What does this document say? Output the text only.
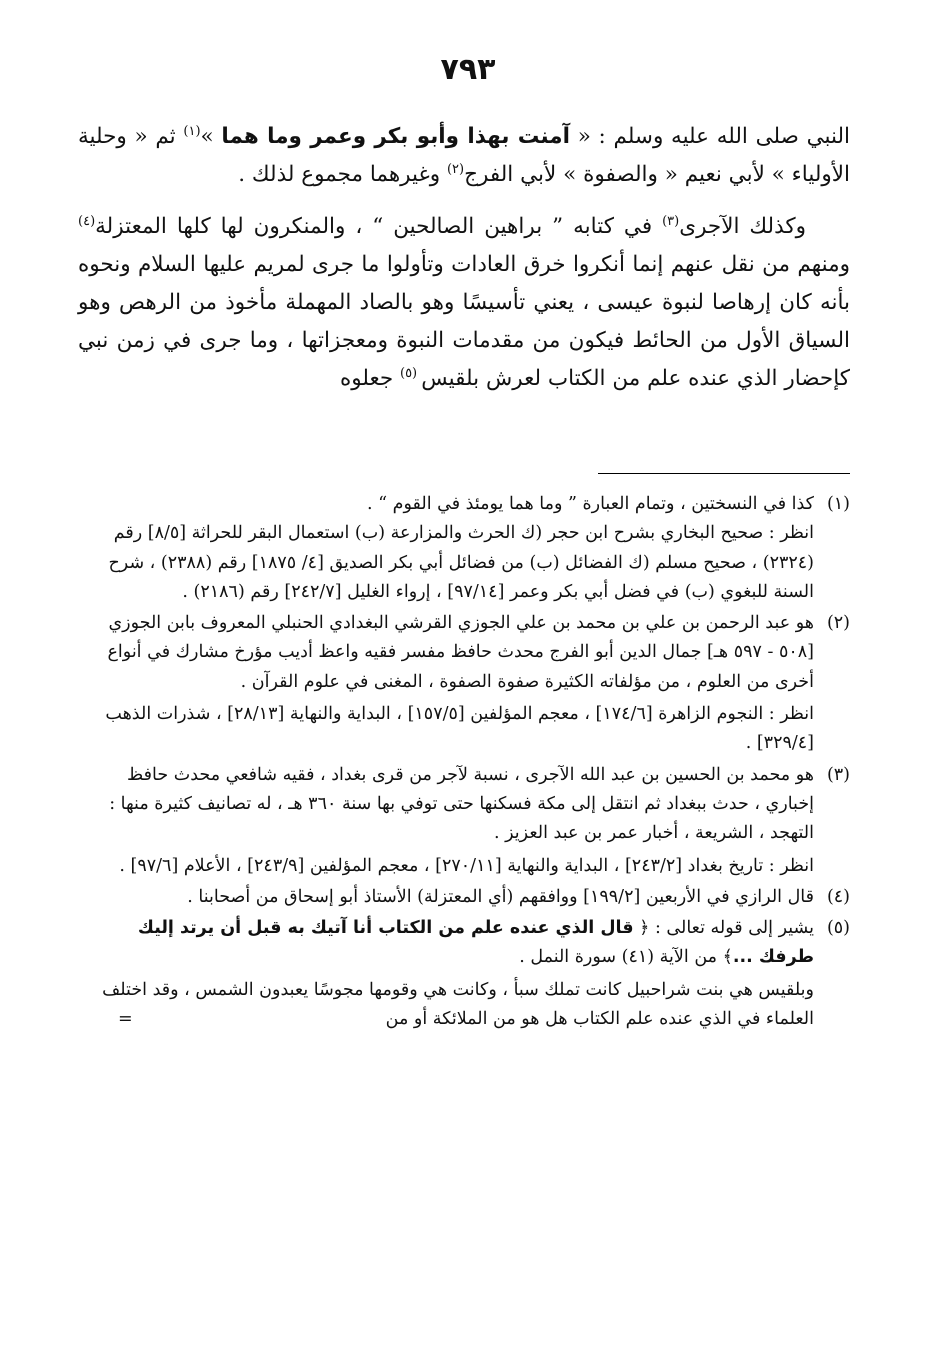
٧٩٣

النبي صلى الله عليه وسلم : « آمنت بهذا وأبو بكر وعمر وما هما »$^{(١)}$ ثم « وحلية الأولياء » لأبي نعيم « والصفوة » لأبي الفرج$^{(٢)}$ وغيرهما مجموع لذلك .

وكذلك الآجرى$^{(٣)}$ في كتابه ” براهين الصالحين “ ، والمنكرون لها كلها المعتزلة$^{(٤)}$ ومنهم من نقل عنهم إنما أنكروا خرق العادات وتأولوا ما جرى لمريم عليها السلام ونحوه بأنه كان إرهاصا لنبوة عيسى ، يعني تأسيسًا وهو بالصاد المهملة مأخوذ من الرهص وهو السياق الأول من الحائط فيكون من مقدمات النبوة ومعجزاتها ، وما جرى في زمن نبي كإحضار الذي عنده علم من الكتاب لعرش بلقيس $^{(٥)}$ جعلوه

(١)

كذا في النسختين ، وتمام العبارة ” وما هما يومئذ في القوم “ .

انظر : صحيح البخاري بشرح ابن حجر (ك الحرث والمزارعة (ب) استعمال البقر للحراثة [٨/٥] رقم (٢٣٢٤) ، صحيح مسلم (ك الفضائل (ب) من فضائل أبي بكر الصديق [٤/ ١٨٧٥] رقم (٢٣٨٨) ، شرح السنة للبغوي (ب) في فضل أبي بكر وعمر [٩٧/١٤] ، إرواء الغليل [٢٤٢/٧] رقم (٢١٨٦) .

(٢)

هو عبد الرحمن بن علي بن محمد بن علي الجوزي القرشي البغدادي الحنبلي المعروف بابن الجوزي [٥٠٨ - ٥٩٧ هـ] جمال الدين أبو الفرج محدث حافظ مفسر فقيه واعظ أديب مؤرخ مشارك في أنواع أخرى من العلوم ، من مؤلفاته الكثيرة صفوة الصفوة ، المغنى في علوم القرآن .

انظر : النجوم الزاهرة [١٧٤/٦] ، معجم المؤلفين [١٥٧/٥] ، البداية والنهاية [٢٨/١٣] ، شذرات الذهب [٣٢٩/٤] .

(٣)

هو محمد بن الحسين بن عبد الله الآجرى ، نسبة لآجر من قرى بغداد ، فقيه شافعي محدث حافظ إخباري ، حدث ببغداد ثم انتقل إلى مكة فسكنها حتى توفي بها سنة ٣٦٠ هـ ، له تصانيف كثيرة منها : التهجد ، الشريعة ، أخبار عمر بن عبد العزيز .

انظر : تاريخ بغداد [٢٤٣/٢] ، البداية والنهاية [٢٧٠/١١] ، معجم المؤلفين [٢٤٣/٩] ، الأعلام [٩٧/٦] .

(٤)

قال الرازي في الأربعين [١٩٩/٢] ووافقهم (أي المعتزلة) الأستاذ أبو إسحاق من أصحابنا .

(٥)

يشير إلى قوله تعالى : ﴿ قال الذي عنده علم من الكتاب أنا آتيك به قبل أن يرتد إليك طرفك ...﴾ من الآية (٤١) سورة النمل .

وبلقيس هي بنت شراحبيل كانت تملك سبأ ، وكانت هي وقومها مجوسًا يعبدون الشمس ، وقد اختلف العلماء في الذي عنده علم الكتاب هل هو من الملائكة أو من
=
